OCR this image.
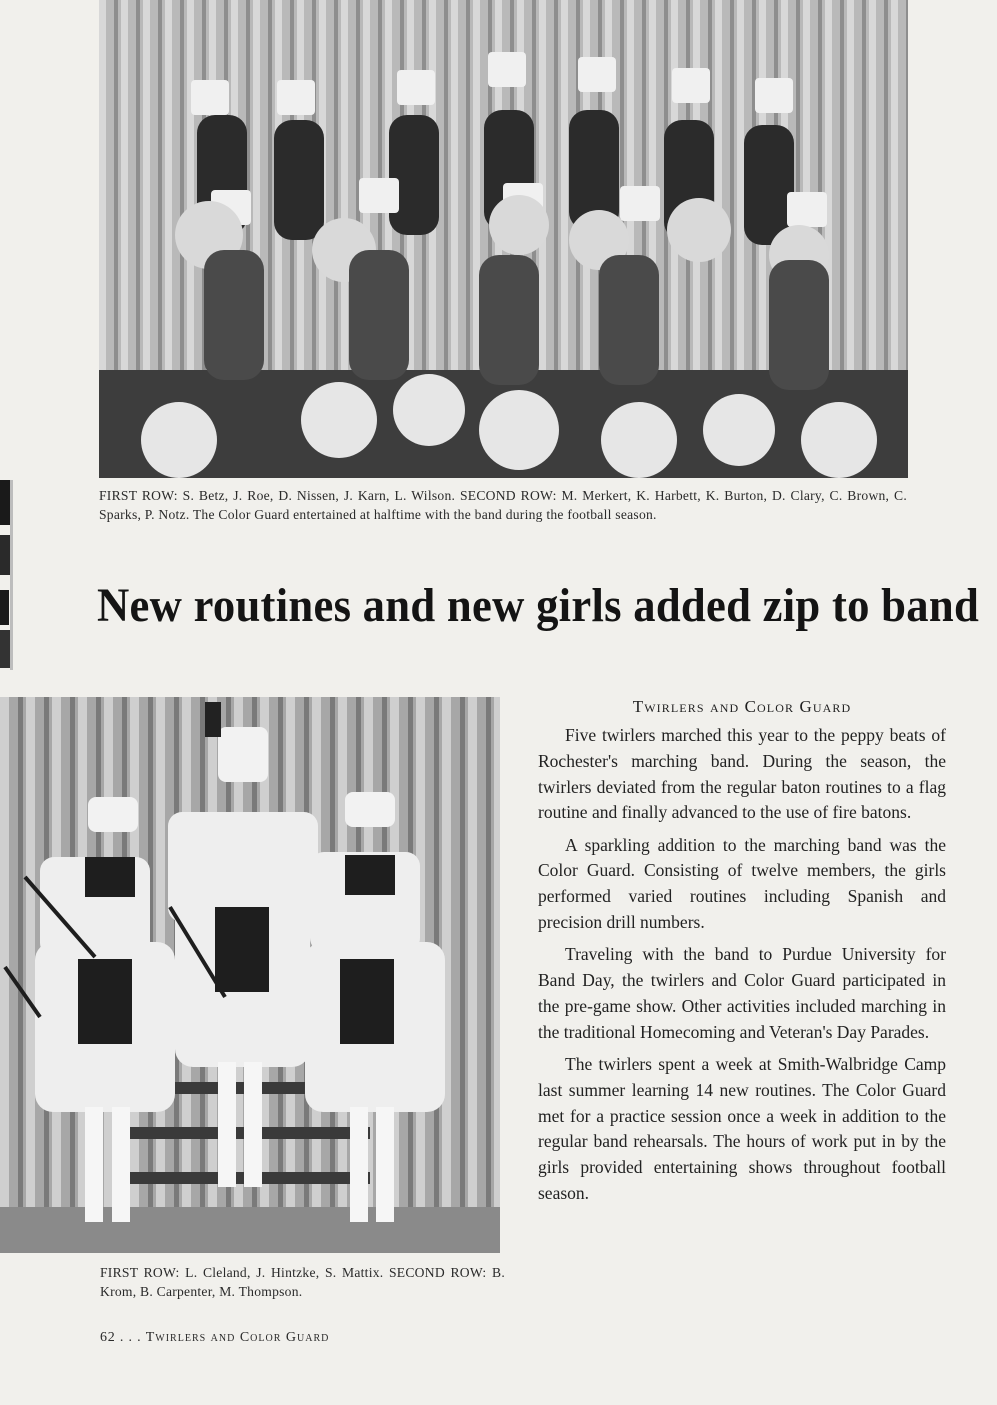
FIRST ROW: S. Betz, J. Roe, D. Nissen, J. Karn, L. Wilson. SECOND ROW: M. Merkert, K. Harbett, K. Burton, D. Clary, C. Brown, C. Sparks, P. Notz. The Color Guard entertained at halftime with the band during the football season.

New routines and new girls added zip to band

FIRST ROW: L. Cleland, J. Hintzke, S. Mattix. SECOND ROW: B. Krom, B. Carpenter, M. Thompson.

Twirlers and Color Guard

Five twirlers marched this year to the peppy beats of Rochester's marching band. During the season, the twirlers deviated from the regular baton routines to a flag routine and finally advanced to the use of fire batons.

A sparkling addition to the marching band was the Color Guard. Consisting of twelve members, the girls performed varied routines including Spanish and precision drill numbers.

Traveling with the band to Purdue University for Band Day, the twirlers and Color Guard participated in the pre-game show. Other activities included marching in the traditional Homecoming and Veteran's Day Parades.

The twirlers spent a week at Smith-Walbridge Camp last summer learning 14 new routines. The Color Guard met for a practice session once a week in addition to the regular band rehearsals. The hours of work put in by the girls provided entertaining shows throughout football season.

62 . . . Twirlers and Color Guard
